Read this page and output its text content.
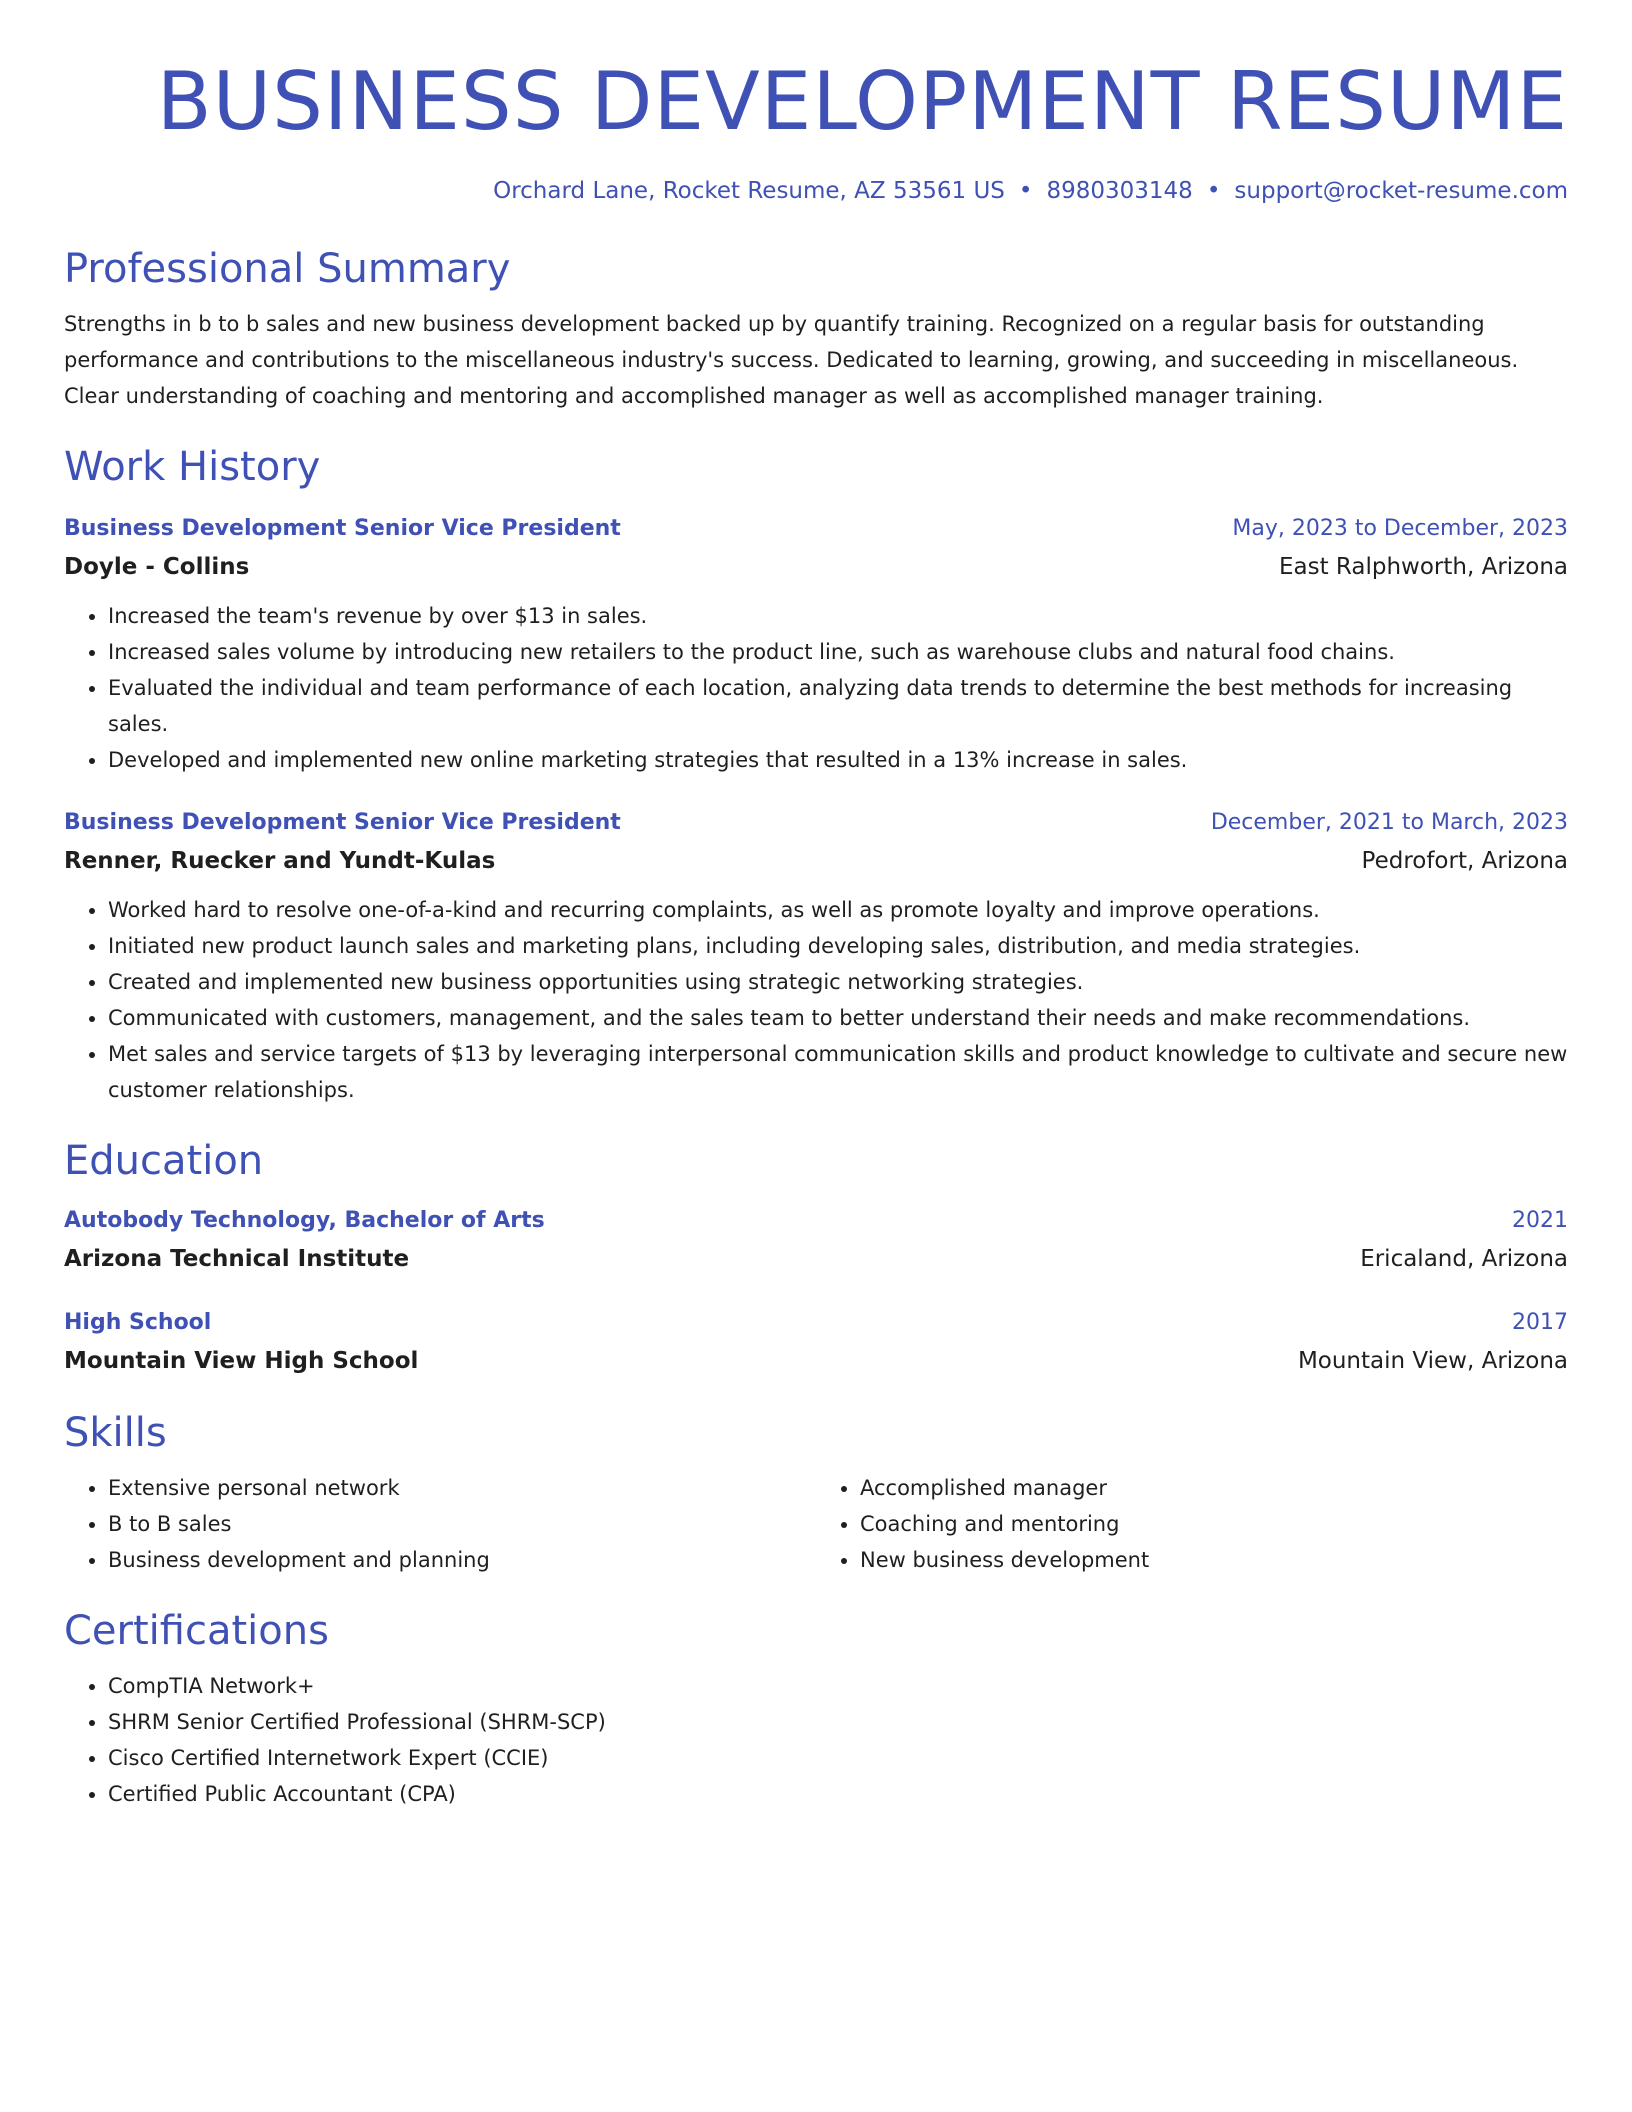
BUSINESS DEVELOPMENT RESUME
Orchard Lane, Rocket Resume, AZ 53561 US • 8980303148 • support@rocket-resume.com
Professional Summary
Strengths in b to b sales and new business development backed up by quantify training. Recognized on a regular basis for outstanding performance and contributions to the miscellaneous industry's success. Dedicated to learning, growing, and succeeding in miscellaneous. Clear understanding of coaching and mentoring and accomplished manager as well as accomplished manager training.
Work History
Business Development Senior Vice President	May, 2023 to December, 2023
Doyle - Collins	East Ralphworth, Arizona
• Increased the team's revenue by over $13 in sales.
• Increased sales volume by introducing new retailers to the product line, such as warehouse clubs and natural food chains.
• Evaluated the individual and team performance of each location, analyzing data trends to determine the best methods for increasing sales.
• Developed and implemented new online marketing strategies that resulted in a 13% increase in sales.
Business Development Senior Vice President	December, 2021 to March, 2023
Renner, Ruecker and Yundt-Kulas	Pedrofort, Arizona
• Worked hard to resolve one-of-a-kind and recurring complaints, as well as promote loyalty and improve operations.
• Initiated new product launch sales and marketing plans, including developing sales, distribution, and media strategies.
• Created and implemented new business opportunities using strategic networking strategies.
• Communicated with customers, management, and the sales team to better understand their needs and make recommendations.
• Met sales and service targets of $13 by leveraging interpersonal communication skills and product knowledge to cultivate and secure new customer relationships.
Education
Autobody Technology, Bachelor of Arts	2021
Arizona Technical Institute	Ericaland, Arizona
High School	2017
Mountain View High School	Mountain View, Arizona
Skills
• Extensive personal network
• B to B sales
• Business development and planning
• Accomplished manager
• Coaching and mentoring
• New business development
Certifications
• CompTIA Network+
• SHRM Senior Certified Professional (SHRM-SCP)
• Cisco Certified Internetwork Expert (CCIE)
• Certified Public Accountant (CPA)
